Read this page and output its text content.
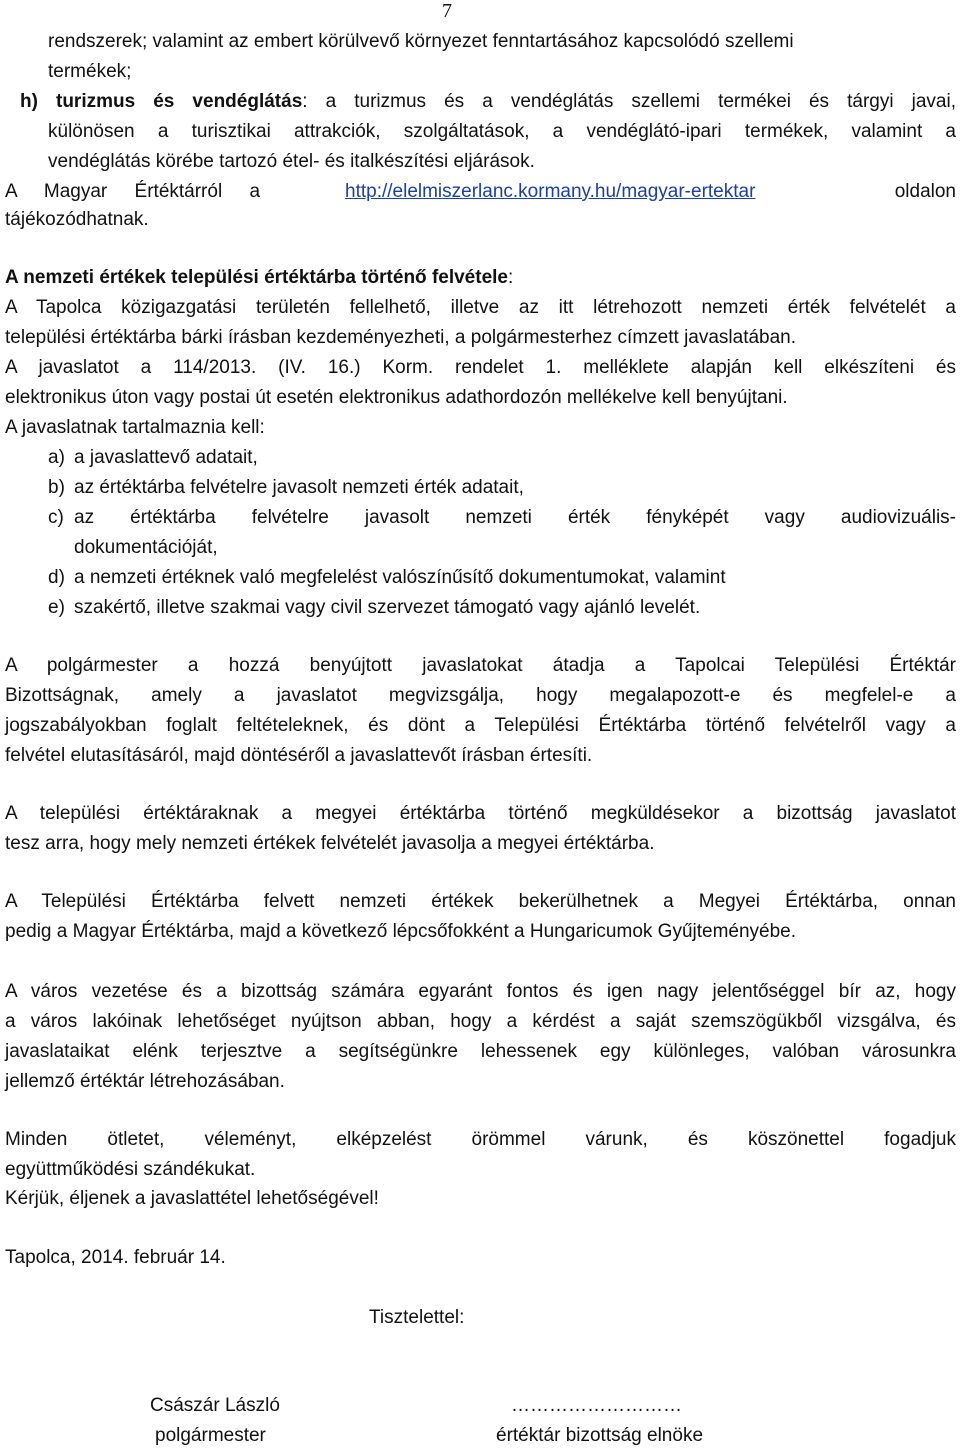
7
rendszerek; valamint az embert körülvevő környezet fenntartásához kapcsolódó szellemi
termékek;
h) turizmus és vendéglátás: a turizmus és a vendéglátás szellemi termékei és tárgyi javai,
különösen a turisztikai attrakciók, szolgáltatások, a vendéglátó-ipari termékek, valamint a
vendéglátás körébe tartozó étel- és italkészítési eljárások.
A Magyar Értéktárról a	http://elelmiszerlanc.kormany.hu/magyar-ertektar	oldalon
tájékozódhatnak.
A nemzeti értékek települési értéktárba történő felvétele:
A Tapolca közigazgatási területén fellelhető, illetve az itt létrehozott nemzeti érték felvételét a
települési értéktárba bárki írásban kezdeményezheti, a polgármesterhez címzett javaslatában.
A javaslatot a 114/2013. (IV. 16.) Korm. rendelet 1. melléklete alapján kell elkészíteni és
elektronikus úton vagy postai út esetén elektronikus adathordozón mellékelve kell benyújtani.
A javaslatnak tartalmaznia kell:
a) a javaslattevő adatait,
b) az értéktárba felvételre javasolt nemzeti érték adatait,
c) az értéktárba felvételre javasolt nemzeti érték fényképét vagy audiovizuális-
dokumentációját,
d) a nemzeti értéknek való megfelelést valószínűsítő dokumentumokat, valamint
e) szakértő, illetve szakmai vagy civil szervezet támogató vagy ajánló levelét.
A polgármester a hozzá benyújtott javaslatokat átadja a Tapolcai Települési Értéktár
Bizottságnak, amely a javaslatot megvizsgálja, hogy megalapozott-e és megfelel-e a
jogszabályokban foglalt feltételeknek, és dönt a Települési Értéktárba történő felvételről vagy a
felvétel elutasításáról, majd döntéséről a javaslattevőt írásban értesíti.
A települési értéktáraknak a megyei értéktárba történő megküldésekor a bizottság javaslatot
tesz arra, hogy mely nemzeti értékek felvételét javasolja a megyei értéktárba.
A Települési Értéktárba felvett nemzeti értékek bekerülhetnek a Megyei Értéktárba, onnan
pedig a Magyar Értéktárba, majd a következő lépcsőfokként a Hungaricumok Gyűjteményébe.
A város vezetése és a bizottság számára egyaránt fontos és igen nagy jelentőséggel bír az, hogy
a város lakóinak lehetőséget nyújtson abban, hogy a kérdést a saját szemszögükből vizsgálva, és
javaslataikat elénk terjesztve a segítségünkre lehessenek egy különleges, valóban városunkra
jellemző értéktár létrehozásában.
Minden ötletet, véleményt, elképzelést örömmel várunk, és köszönettel fogadjuk
együttműködési szándékukat.
Kérjük, éljenek a javaslattétel lehetőségével!
Tapolca, 2014. február 14.
Tisztelettel:
Császár László
polgármester
………………………
értéktár bizottság elnöke
